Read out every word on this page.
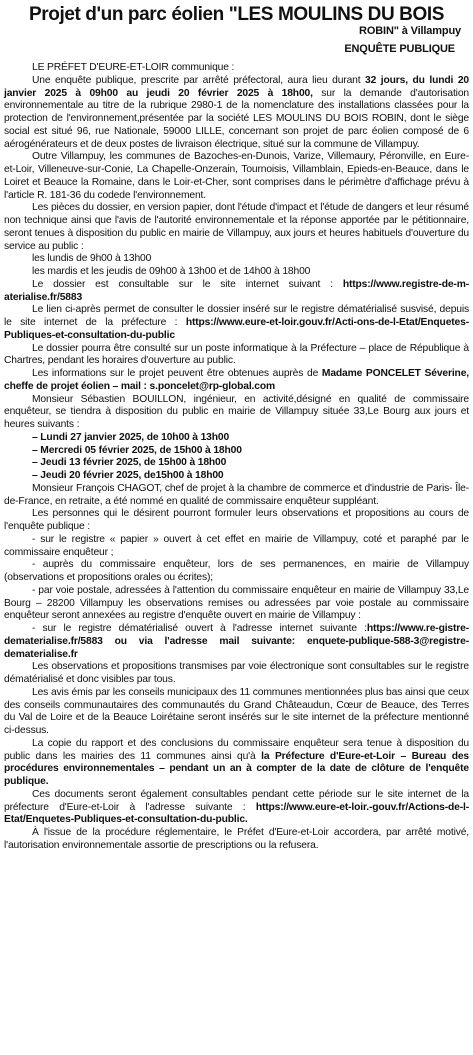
Projet d'un parc éolien "LES MOULINS DU BOIS
ROBIN" à Villampuy
ENQUÊTE PUBLIQUE

LE PRÉFET D'EURE-ET-LOIR communique :

Une enquête publique, prescrite par arrêté préfectoral, aura lieu durant 32 jours, du lundi 20 janvier 2025 à 09h00 au jeudi 20 février 2025 à 18h00, sur la demande d'autorisation environnementale au titre de la rubrique 2980-1 de la nomenclature des installations classées pour la protection de l'environnement,présentée par la société LES MOULINS DU BOIS ROBIN, dont le siège social est situé 96, rue Nationale, 59000 LILLE, concernant son projet de parc éolien composé de 6 aérogénérateurs et de deux postes de livraison électrique, situé sur la commune de Villampuy.

Outre Villampuy, les communes de Bazoches-en-Dunois, Varize, Villemaury, Péronville, en Eure-et-Loir, Villeneuve-sur-Conie, La Chapelle-Onzerain, Tournoisis, Villamblain, Epieds-en-Beauce, dans le Loiret et Beauce la Romaine, dans le Loir-et-Cher, sont comprises dans le périmètre d'affichage prévu à l'article R. 181-36 du codede l'environnement.

Les pièces du dossier, en version papier, dont l'étude d'impact et l'étude de dangers et leur résumé non technique ainsi que l'avis de l'autorité environnementale et la réponse apportée par le pétitionnaire, seront tenues à disposition du public en mairie de Villampuy, aux jours et heures habituels d'ouverture du service au public :

les lundis de 9h00 à 13h00

les mardis et les jeudis de 09h00 à 13h00 et de 14h00 à 18h00

Le dossier est consultable sur le site internet suivant : https://www.registre-de-m-aterialise.fr/5883

Le lien ci-après permet de consulter le dossier inséré sur le registre dématérialisé susvisé, depuis le site internet de la préfecture : https://www.eure-et-loir.gouv.fr/Acti-ons-de-l-Etat/Enquetes-Publiques-et-consultation-du-public

Le dossier pourra être consulté sur un poste informatique à la Préfecture – place de République à Chartres, pendant les horaires d'ouverture au public.

Les informations sur le projet peuvent être obtenues auprès de Madame PONCELET Séverine, cheffe de projet éolien – mail : s.poncelet@rp-global.com

Monsieur Sébastien BOUILLON, ingénieur, en activité,désigné en qualité de commissaire enquêteur, se tiendra à disposition du public en mairie de Villampuy située 33,Le Bourg aux jours et heures suivants :

– Lundi 27 janvier 2025, de 10h00 à 13h00

– Mercredi 05 février 2025, de 15h00 à 18h00

– Jeudi 13 février 2025, de 15h00 à 18h00

– Jeudi 20 février 2025, de15h00 à 18h00

Monsieur François CHAGOT, chef de projet à la chambre de commerce et d'industrie de Paris- Île-de-France, en retraite, a été nommé en qualité de commissaire enquêteur suppléant.

Les personnes qui le désirent pourront formuler leurs observations et propositions au cours de l'enquête publique :

- sur le registre « papier » ouvert à cet effet en mairie de Villampuy, coté et paraphé par le commissaire enquêteur ;

- auprès du commissaire enquêteur, lors de ses permanences, en mairie de Villampuy (observations et propositions orales ou écrites);

- par voie postale, adressées à l'attention du commissaire enquêteur en mairie de Villampuy 33,Le Bourg – 28200 Villampuy les observations remises ou adressées par voie postale au commissaire enquêteur seront annexées au registre d'enquête ouvert en mairie de Villampuy :

- sur le registre dématérialisé ouvert à l'adresse internet suivante :https://www.re-gistre-dematerialise.fr/5883 ou via l'adresse mail suivante: enquete-publique-588-3@registre-dematerialise.fr

Les observations et propositions transmises par voie électronique sont consultables sur le registre dématérialisé et donc visibles par tous.

Les avis émis par les conseils municipaux des 11 communes mentionnées plus bas ainsi que ceux des conseils communautaires des communautés du Grand Châteaudun, Cœur de Beauce, des Terres du Val de Loire et de la Beauce Loirétaine seront insérés sur le site internet de la préfecture mentionné ci-dessus.

La copie du rapport et des conclusions du commissaire enquêteur sera tenue à disposition du public dans les mairies des 11 communes ainsi qu'à la Préfecture d'Eure-et-Loir – Bureau des procédures environnementales – pendant un an à compter de la date de clôture de l'enquête publique.

Ces documents seront également consultables pendant cette période sur le site internet de la préfecture d'Eure-et-Loir à l'adresse suivante : https://www.eure-et-loir.-gouv.fr/Actions-de-l-Etat/Enquetes-Publiques-et-consultation-du-public.

À l'issue de la procédure réglementaire, le Préfet d'Eure-et-Loir accordera, par arrêté motivé, l'autorisation environnementale assortie de prescriptions ou la refusera.
